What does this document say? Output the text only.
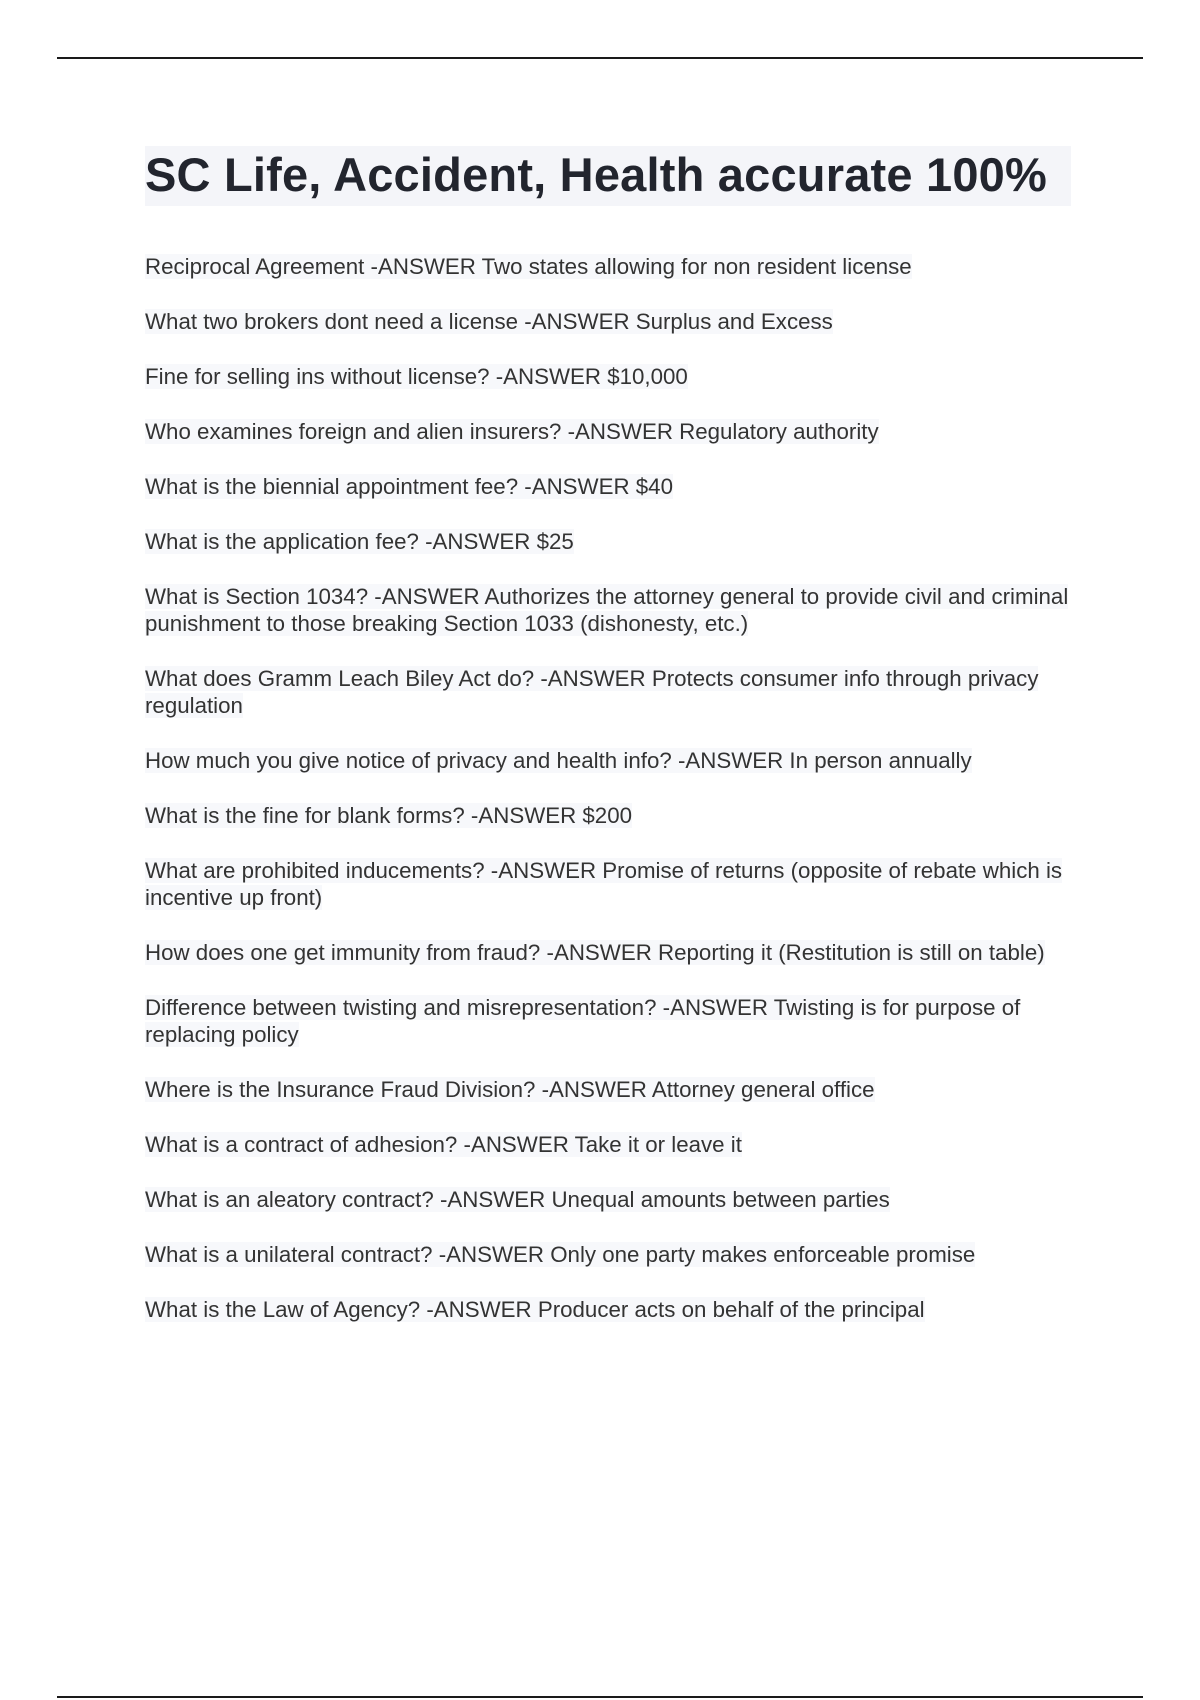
SC Life, Accident, Health accurate 100%
Reciprocal Agreement -ANSWER Two states allowing for non resident license
What two brokers dont need a license -ANSWER Surplus and Excess
Fine for selling ins without license? -ANSWER $10,000
Who examines foreign and alien insurers? -ANSWER Regulatory authority
What is the biennial appointment fee? -ANSWER $40
What is the application fee? -ANSWER $25
What is Section 1034? -ANSWER Authorizes the attorney general to provide civil and criminal punishment to those breaking Section 1033 (dishonesty, etc.)
What does Gramm Leach Biley Act do? -ANSWER Protects consumer info through privacy regulation
How much you give notice of privacy and health info? -ANSWER In person annually
What is the fine for blank forms? -ANSWER $200
What are prohibited inducements? -ANSWER Promise of returns (opposite of rebate which is incentive up front)
How does one get immunity from fraud? -ANSWER Reporting it (Restitution is still on table)
Difference between twisting and misrepresentation? -ANSWER Twisting is for purpose of replacing policy
Where is the Insurance Fraud Division? -ANSWER Attorney general office
What is a contract of adhesion? -ANSWER Take it or leave it
What is an aleatory contract? -ANSWER Unequal amounts between parties
What is a unilateral contract? -ANSWER Only one party makes enforceable promise
What is the Law of Agency? -ANSWER Producer acts on behalf of the principal
